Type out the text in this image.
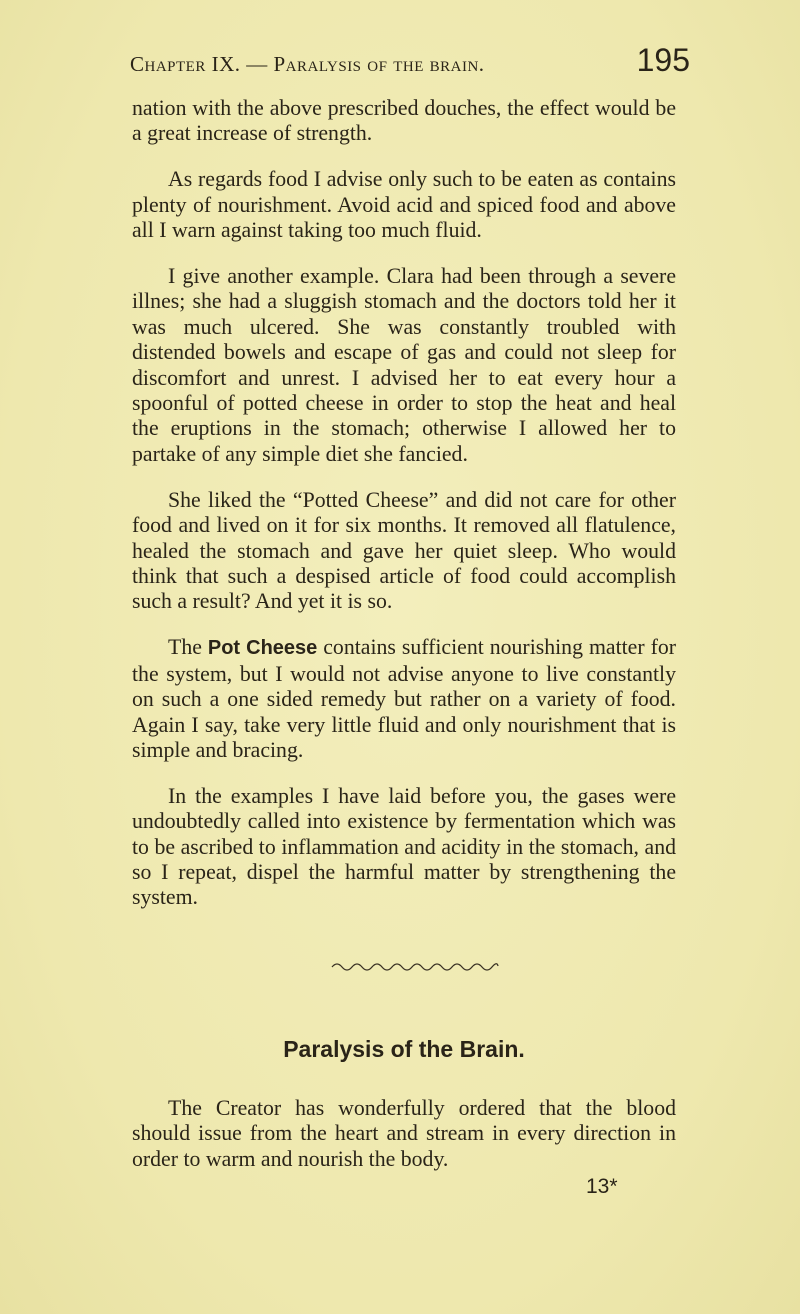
Chapter IX. — Paralysis of the brain.	195

nation with the above prescribed douches, the effect would be a great increase of strength.

As regards food I advise only such to be eaten as contains plenty of nourishment. Avoid acid and spiced food and above all I warn against taking too much fluid.

I give another example. Clara had been through a severe illnes; she had a sluggish stomach and the doctors told her it was much ulcered. She was constantly troubled with distended bowels and escape of gas and could not sleep for discomfort and unrest. I advised her to eat every hour a spoonful of potted cheese in order to stop the heat and heal the eruptions in the stomach; otherwise I allowed her to partake of any simple diet she fancied.

She liked the “Potted Cheese” and did not care for other food and lived on it for six months. It removed all flatulence, healed the stomach and gave her quiet sleep. Who would think that such a despised article of food could accomplish such a result? And yet it is so.

The Pot Cheese contains sufficient nourishing matter for the system, but I would not advise anyone to live constantly on such a one sided remedy but rather on a variety of food. Again I say, take very little fluid and only nourishment that is simple and bracing.

In the examples I have laid before you, the gases were undoubtedly called into existence by fermentation which was to be ascribed to inflammation and acidity in the stomach, and so I repeat, dispel the harmful matter by strengthening the system.

Paralysis of the Brain.

The Creator has wonderfully ordered that the blood should issue from the heart and stream in every direction in order to warm and nourish the body.

13*
